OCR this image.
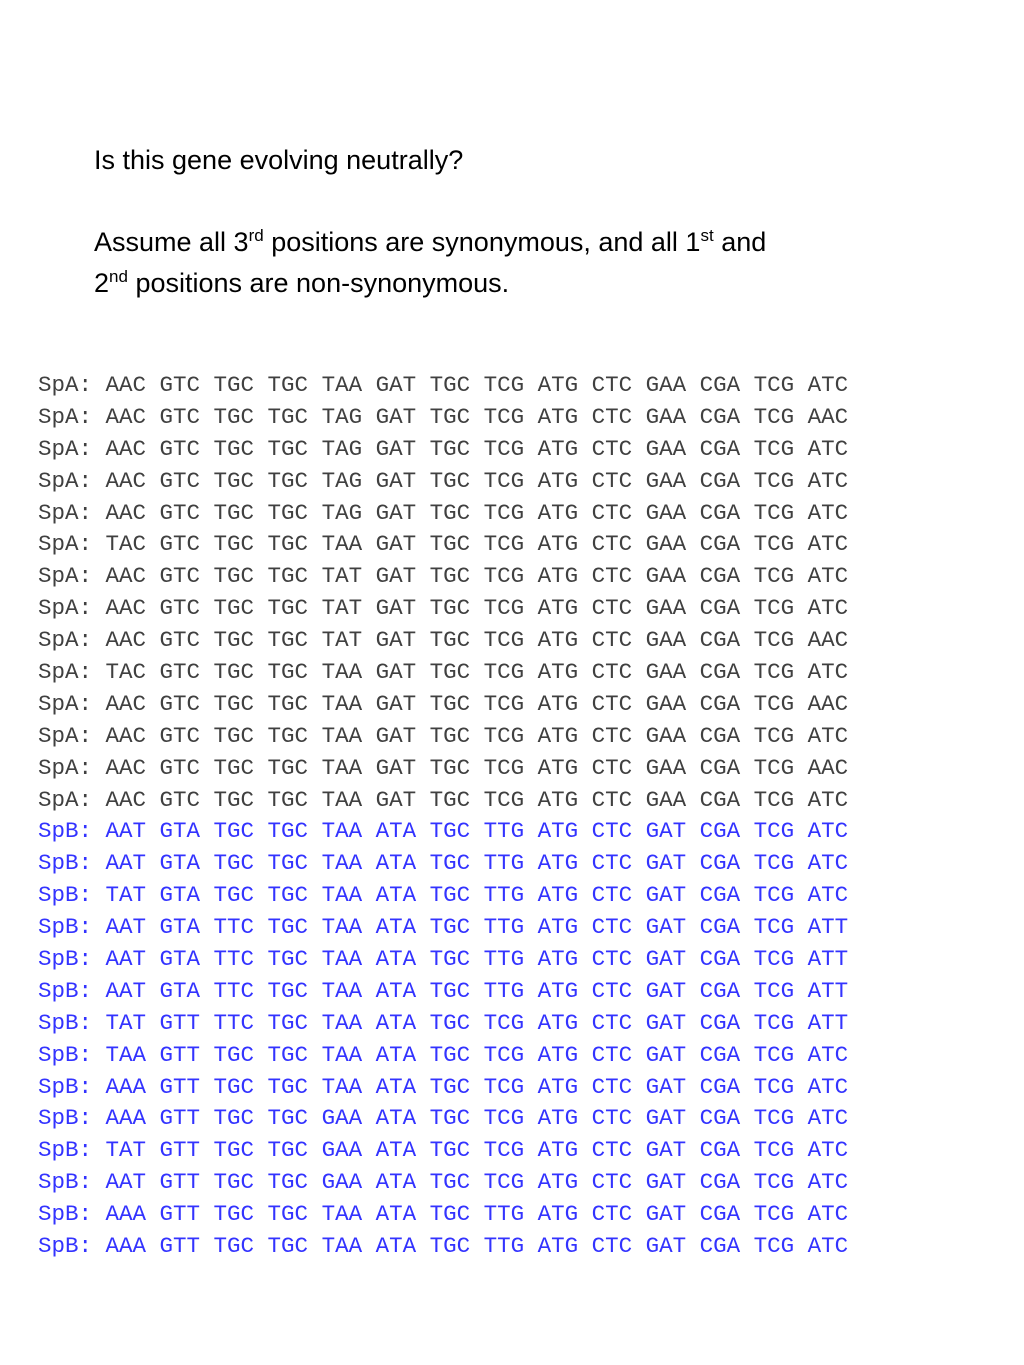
Is this gene evolving neutrally?

Assume all 3rd positions are synonymous, and all 1st and

2nd positions are non-synonymous.

SpA: AAC GTC TGC TGC TAA GAT TGC TCG ATG CTC GAA CGA TCG ATC
SpA: AAC GTC TGC TGC TAG GAT TGC TCG ATG CTC GAA CGA TCG AAC
SpA: AAC GTC TGC TGC TAG GAT TGC TCG ATG CTC GAA CGA TCG ATC
SpA: AAC GTC TGC TGC TAG GAT TGC TCG ATG CTC GAA CGA TCG ATC
SpA: AAC GTC TGC TGC TAG GAT TGC TCG ATG CTC GAA CGA TCG ATC
SpA: TAC GTC TGC TGC TAA GAT TGC TCG ATG CTC GAA CGA TCG ATC
SpA: AAC GTC TGC TGC TAT GAT TGC TCG ATG CTC GAA CGA TCG ATC
SpA: AAC GTC TGC TGC TAT GAT TGC TCG ATG CTC GAA CGA TCG ATC
SpA: AAC GTC TGC TGC TAT GAT TGC TCG ATG CTC GAA CGA TCG AAC
SpA: TAC GTC TGC TGC TAA GAT TGC TCG ATG CTC GAA CGA TCG ATC
SpA: AAC GTC TGC TGC TAA GAT TGC TCG ATG CTC GAA CGA TCG AAC
SpA: AAC GTC TGC TGC TAA GAT TGC TCG ATG CTC GAA CGA TCG ATC
SpA: AAC GTC TGC TGC TAA GAT TGC TCG ATG CTC GAA CGA TCG AAC
SpA: AAC GTC TGC TGC TAA GAT TGC TCG ATG CTC GAA CGA TCG ATC
SpB: AAT GTA TGC TGC TAA ATA TGC TTG ATG CTC GAT CGA TCG ATC
SpB: AAT GTA TGC TGC TAA ATA TGC TTG ATG CTC GAT CGA TCG ATC
SpB: TAT GTA TGC TGC TAA ATA TGC TTG ATG CTC GAT CGA TCG ATC
SpB: AAT GTA TTC TGC TAA ATA TGC TTG ATG CTC GAT CGA TCG ATT
SpB: AAT GTA TTC TGC TAA ATA TGC TTG ATG CTC GAT CGA TCG ATT
SpB: AAT GTA TTC TGC TAA ATA TGC TTG ATG CTC GAT CGA TCG ATT
SpB: TAT GTT TTC TGC TAA ATA TGC TCG ATG CTC GAT CGA TCG ATT
SpB: TAA GTT TGC TGC TAA ATA TGC TCG ATG CTC GAT CGA TCG ATC
SpB: AAA GTT TGC TGC TAA ATA TGC TCG ATG CTC GAT CGA TCG ATC
SpB: AAA GTT TGC TGC GAA ATA TGC TCG ATG CTC GAT CGA TCG ATC
SpB: TAT GTT TGC TGC GAA ATA TGC TCG ATG CTC GAT CGA TCG ATC
SpB: AAT GTT TGC TGC GAA ATA TGC TCG ATG CTC GAT CGA TCG ATC
SpB: AAA GTT TGC TGC TAA ATA TGC TTG ATG CTC GAT CGA TCG ATC
SpB: AAA GTT TGC TGC TAA ATA TGC TTG ATG CTC GAT CGA TCG ATC
